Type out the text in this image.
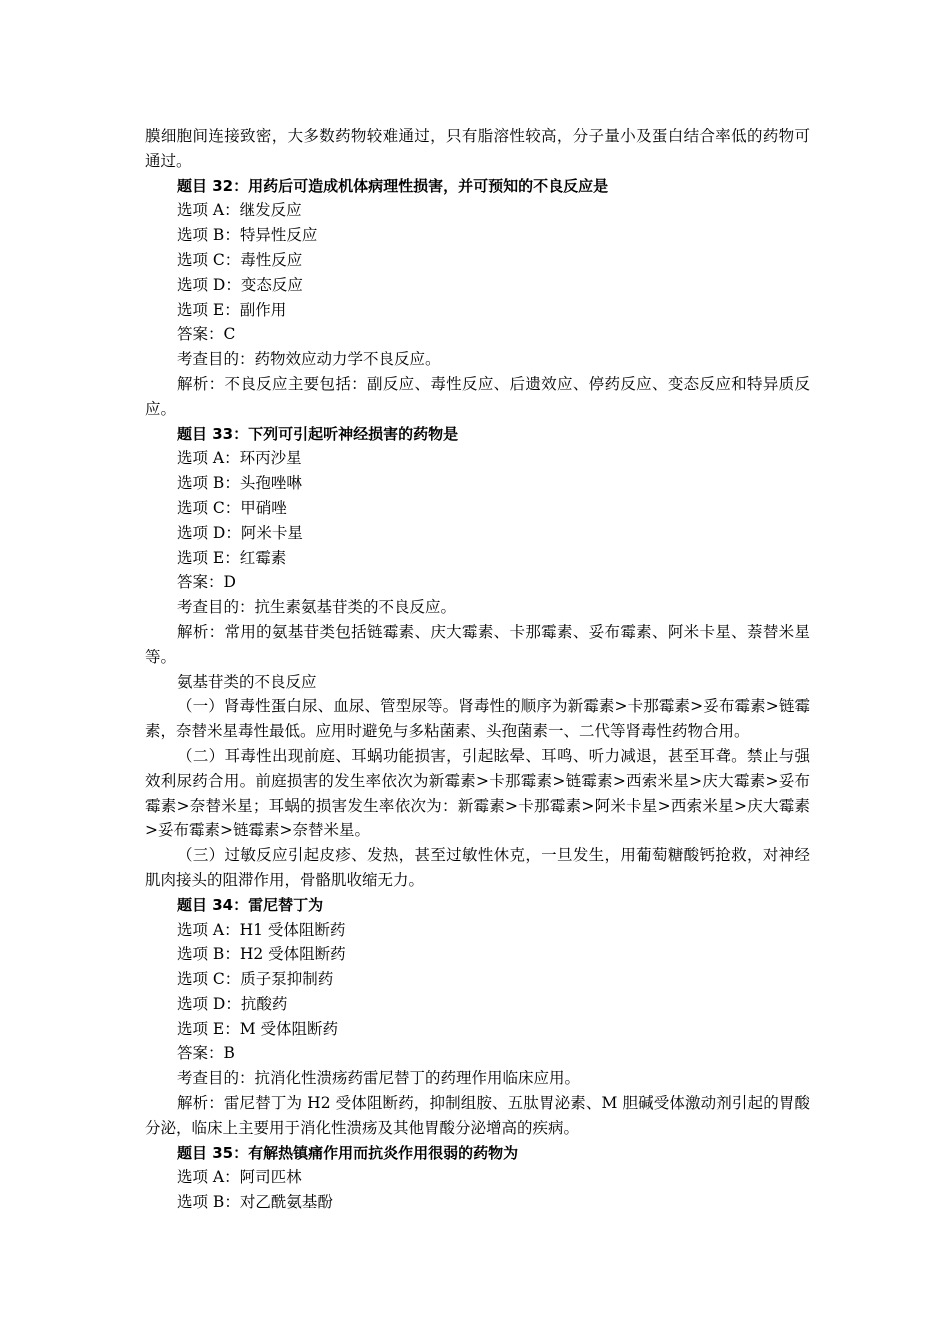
膜细胞间连接致密，大多数药物较难通过，只有脂溶性较高，分子量小及蛋白结合率低的药物可通过。

题目 32：用药后可造成机体病理性损害，并可预知的不良反应是

选项 A：继发反应

选项 B：特异性反应

选项 C：毒性反应

选项 D：变态反应

选项 E：副作用

答案：C

考查目的：药物效应动力学不良反应。

解析：不良反应主要包括：副反应、毒性反应、后遗效应、停药反应、变态反应和特异质反应。

题目 33：下列可引起听神经损害的药物是

选项 A：环丙沙星

选项 B：头孢唑啉

选项 C：甲硝唑

选项 D：阿米卡星

选项 E：红霉素

答案：D

考查目的：抗生素氨基苷类的不良反应。

解析：常用的氨基苷类包括链霉素、庆大霉素、卡那霉素、妥布霉素、阿米卡星、萘替米星等。

氨基苷类的不良反应

（一）肾毒性蛋白尿、血尿、管型尿等。肾毒性的顺序为新霉素>卡那霉素>妥布霉素>链霉素，奈替米星毒性最低。应用时避免与多粘菌素、头孢菌素一、二代等肾毒性药物合用。

（二）耳毒性出现前庭、耳蜗功能损害，引起眩晕、耳鸣、听力减退，甚至耳聋。禁止与强效利尿药合用。前庭损害的发生率依次为新霉素>卡那霉素>链霉素>西索米星>庆大霉素>妥布霉素>奈替米星；耳蜗的损害发生率依次为：新霉素>卡那霉素>阿米卡星>西索米星>庆大霉素>妥布霉素>链霉素>奈替米星。

（三）过敏反应引起皮疹、发热，甚至过敏性休克，一旦发生，用葡萄糖酸钙抢救，对神经肌肉接头的阻滞作用，骨骼肌收缩无力。

题目 34：雷尼替丁为

选项 A：H1 受体阻断药

选项 B：H2 受体阻断药

选项 C：质子泵抑制药

选项 D：抗酸药

选项 E：M 受体阻断药

答案：B

考查目的：抗消化性溃疡药雷尼替丁的药理作用临床应用。

解析：雷尼替丁为 H2 受体阻断药，抑制组胺、五肽胃泌素、M 胆碱受体激动剂引起的胃酸分泌，临床上主要用于消化性溃疡及其他胃酸分泌增高的疾病。

题目 35：有解热镇痛作用而抗炎作用很弱的药物为

选项 A：阿司匹林

选项 B：对乙酰氨基酚
